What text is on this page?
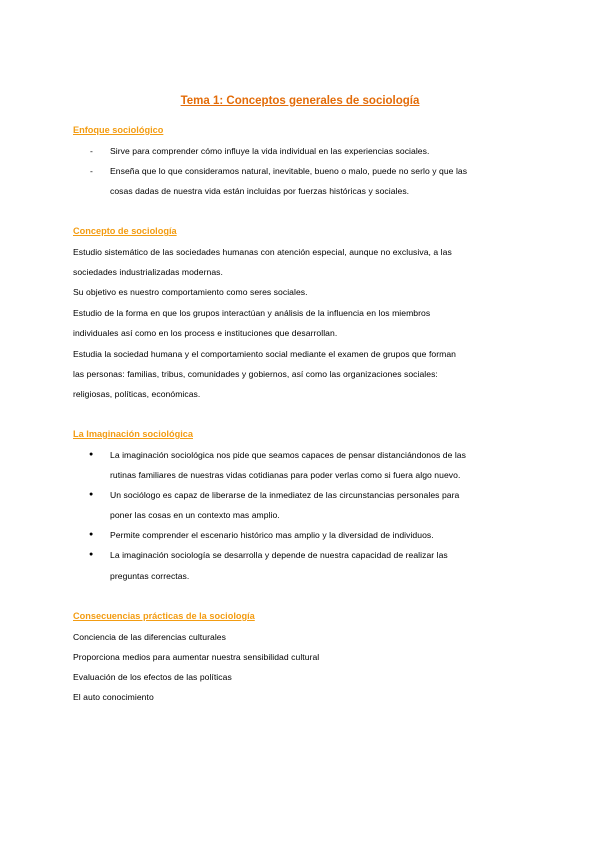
Tema 1: Conceptos generales de sociología
Enfoque sociológico
- Sirve para comprender cómo influye la vida individual en las experiencias sociales.
- Enseña que lo que consideramos natural, inevitable, bueno o malo, puede no serlo y que las
cosas dadas de nuestra vida están incluidas por fuerzas históricas y sociales.
Concepto de sociología
Estudio sistemático de las sociedades humanas con atención especial, aunque no exclusiva, a las
sociedades industrializadas modernas.
Su objetivo es nuestro comportamiento como seres sociales.
Estudio de la forma en que los grupos interactúan y análisis de la influencia en los miembros
individuales así como en los process e instituciones que desarrollan.
Estudia la sociedad humana y el comportamiento social mediante el examen de grupos que forman
las personas: familias, tribus, comunidades y gobiernos, así como las organizaciones sociales:
religiosas, políticas, económicas.
La Imaginación sociológica
● La imaginación sociológica nos pide que seamos capaces de pensar distanciándonos de las
rutinas familiares de nuestras vidas cotidianas para poder verlas como si fuera algo nuevo.
● Un sociólogo es capaz de liberarse de la inmediatez de las circunstancias personales para
poner las cosas en un contexto mas amplio.
● Permite comprender el escenario histórico mas amplio y la diversidad de individuos.
● La imaginación sociología se desarrolla y depende de nuestra capacidad de realizar las
preguntas correctas.
Consecuencias prácticas de la sociología
Conciencia de las diferencias culturales
Proporciona medios para aumentar nuestra sensibilidad cultural
Evaluación de los efectos de las políticas
El auto conocimiento
